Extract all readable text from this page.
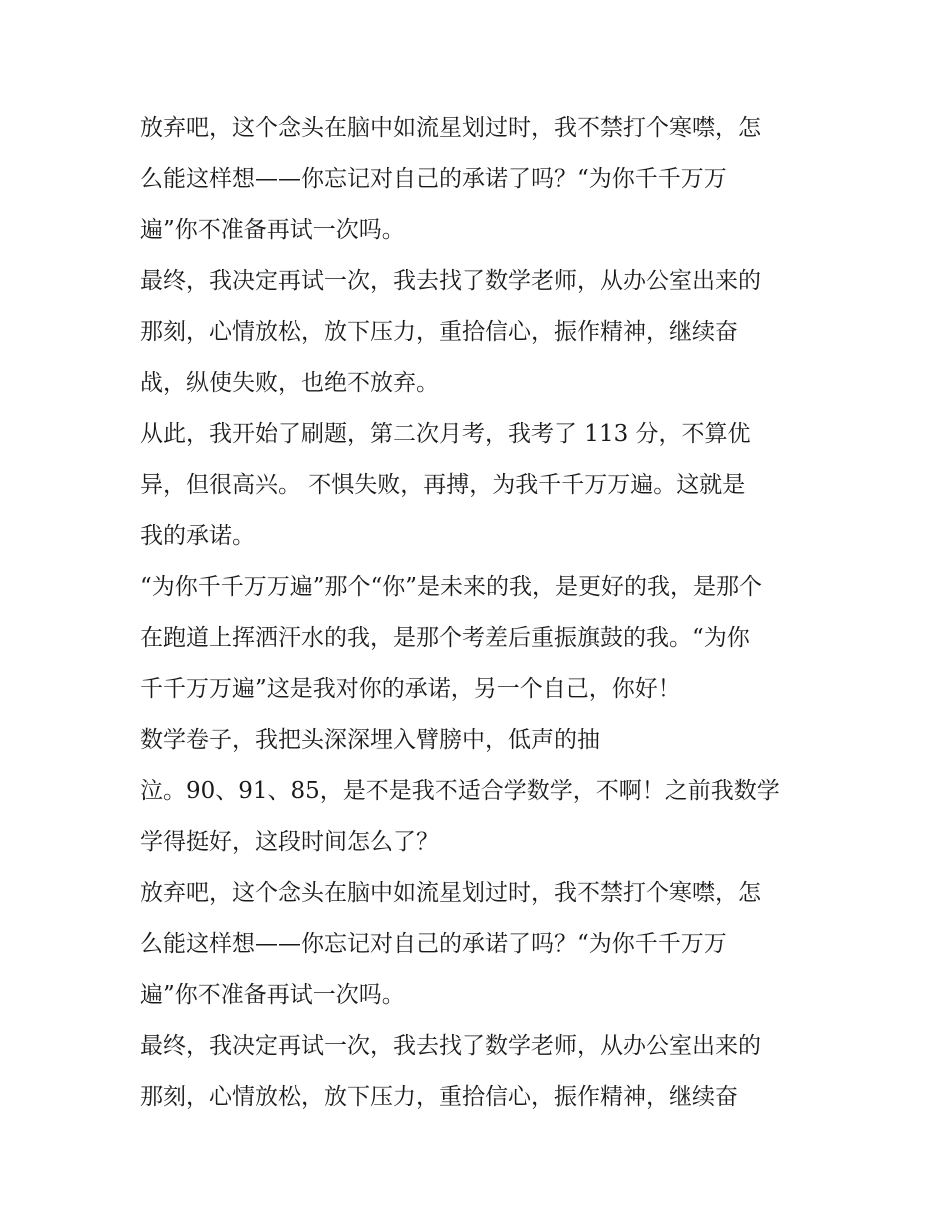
放弃吧，这个念头在脑中如流星划过时，我不禁打个寒噤，怎
么能这样想——你忘记对自己的承诺了吗？“为你千千万万
遍”你不准备再试一次吗。

最终，我决定再试一次，我去找了数学老师，从办公室出来的
那刻，心情放松，放下压力，重拾信心，振作精神，继续奋
战，纵使失败，也绝不放弃。

从此，我开始了刷题，第二次月考，我考了 113 分，不算优
异，但很高兴。 不惧失败，再搏，为我千千万万遍。这就是
我的承诺。

“为你千千万万遍”那个“你”是未来的我，是更好的我，是那个
在跑道上挥洒汗水的我，是那个考差后重振旗鼓的我。“为你
千千万万遍”这是我对你的承诺，另一个自己，你好！

数学卷子，我把头深深埋入臂膀中，低声的抽
泣。90、91、85，是不是我不适合学数学，不啊！之前我数学
学得挺好，这段时间怎么了？

放弃吧，这个念头在脑中如流星划过时，我不禁打个寒噤，怎
么能这样想——你忘记对自己的承诺了吗？“为你千千万万
遍”你不准备再试一次吗。

最终，我决定再试一次，我去找了数学老师，从办公室出来的
那刻，心情放松，放下压力，重拾信心，振作精神，继续奋
